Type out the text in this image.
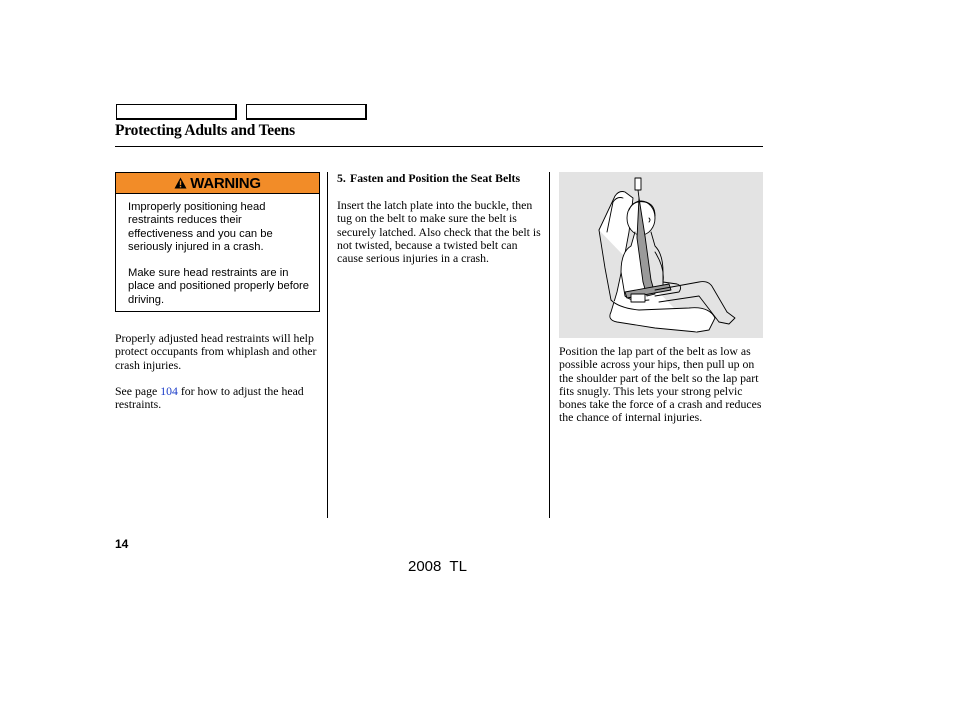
Protecting Adults and Teens
WARNING

Improperly positioning head restraints reduces their effectiveness and you can be seriously injured in a crash.

Make sure head restraints are in place and positioned properly before driving.

Properly adjusted head restraints will help protect occupants from whiplash and other crash injuries.

See page 104 for how to adjust the head restraints.

5. Fasten and Position the Seat Belts

Insert the latch plate into the buckle, then tug on the belt to make sure the belt is securely latched. Also check that the belt is not twisted, because a twisted belt can cause serious injuries in a crash.

Position the lap part of the belt as low as possible across your hips, then pull up on the shoulder part of the belt so the lap part fits snugly. This lets your strong pelvic bones take the force of a crash and reduces the chance of internal injuries.

14
2008  TL
